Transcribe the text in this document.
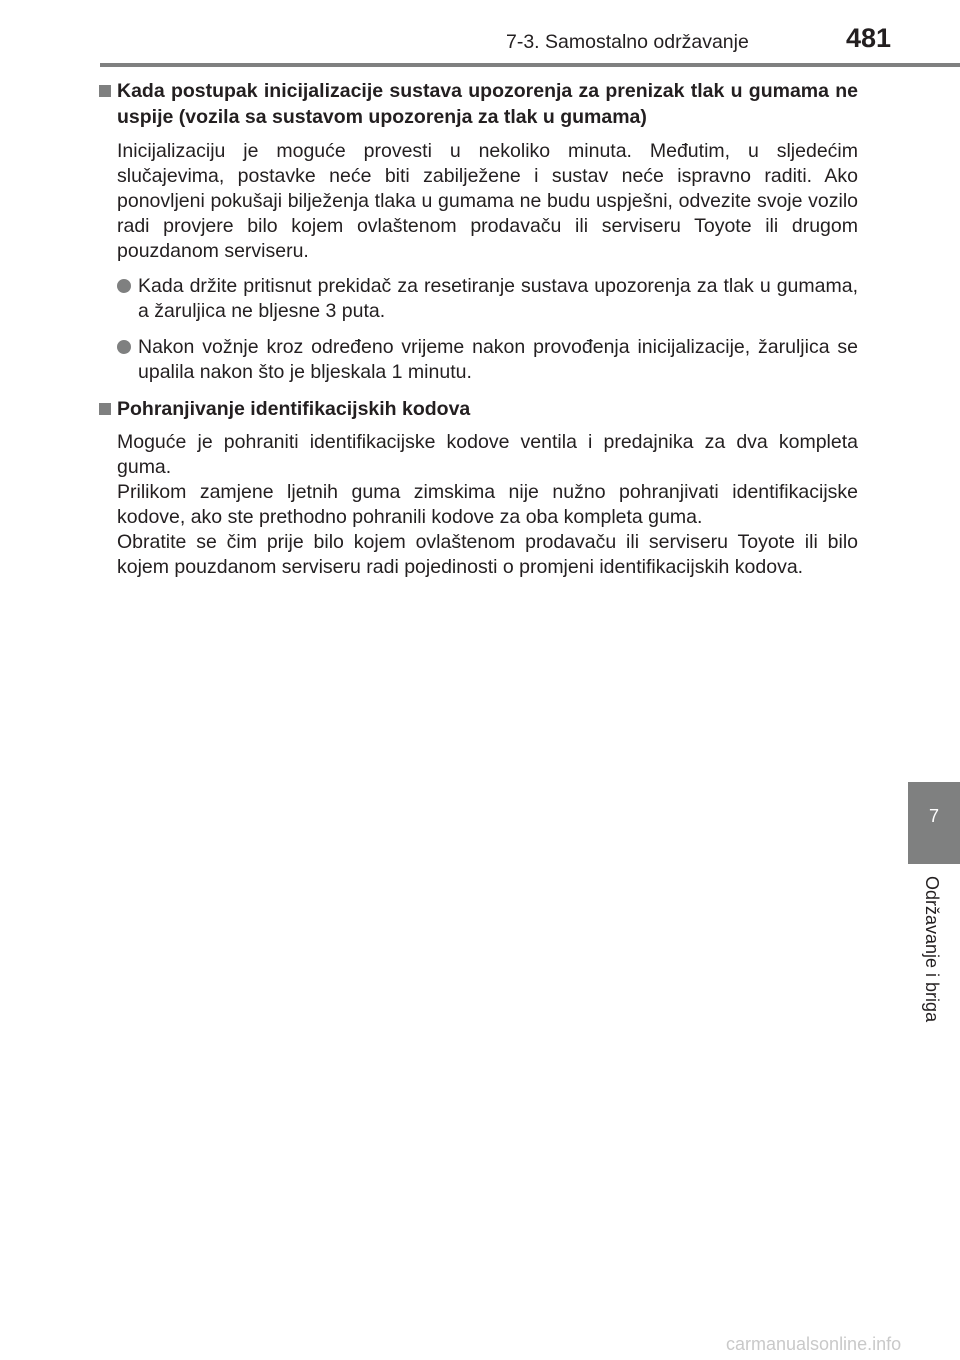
7-3. Samostalno održavanje	481
7
Održavanje i briga

Kada postupak inicijalizacije sustava upozorenja za prenizak tlak u gumama ne uspije (vozila sa sustavom upozorenja za tlak u gumama)

Inicijalizaciju je moguće provesti u nekoliko minuta. Međutim, u sljedećim slučajevima, postavke neće biti zabilježene i sustav neće ispravno raditi. Ako ponovljeni pokušaji bilježenja tlaka u gumama ne budu uspješni, odvezite svoje vozilo radi provjere bilo kojem ovlaštenom prodavaču ili serviseru Toyote ili drugom pouzdanom serviseru.

Kada držite pritisnut prekidač za resetiranje sustava upozorenja za tlak u gumama, a žaruljica ne bljesne 3 puta.
Nakon vožnje kroz određeno vrijeme nakon provođenja inicijalizacije, žaruljica se upalila nakon što je bljeskala 1 minutu.

Pohranjivanje identifikacijskih kodova

Moguće je pohraniti identifikacijske kodove ventila i predajnika za dva kompleta guma.
Prilikom zamjene ljetnih guma zimskima nije nužno pohranjivati identifikacijske kodove, ako ste prethodno pohranili kodove za oba kompleta guma.
Obratite se čim prije bilo kojem ovlaštenom prodavaču ili serviseru Toyote ili bilo kojem pouzdanom serviseru radi pojedinosti o promjeni identifikacijskih kodova.

carmanualsonline.info
